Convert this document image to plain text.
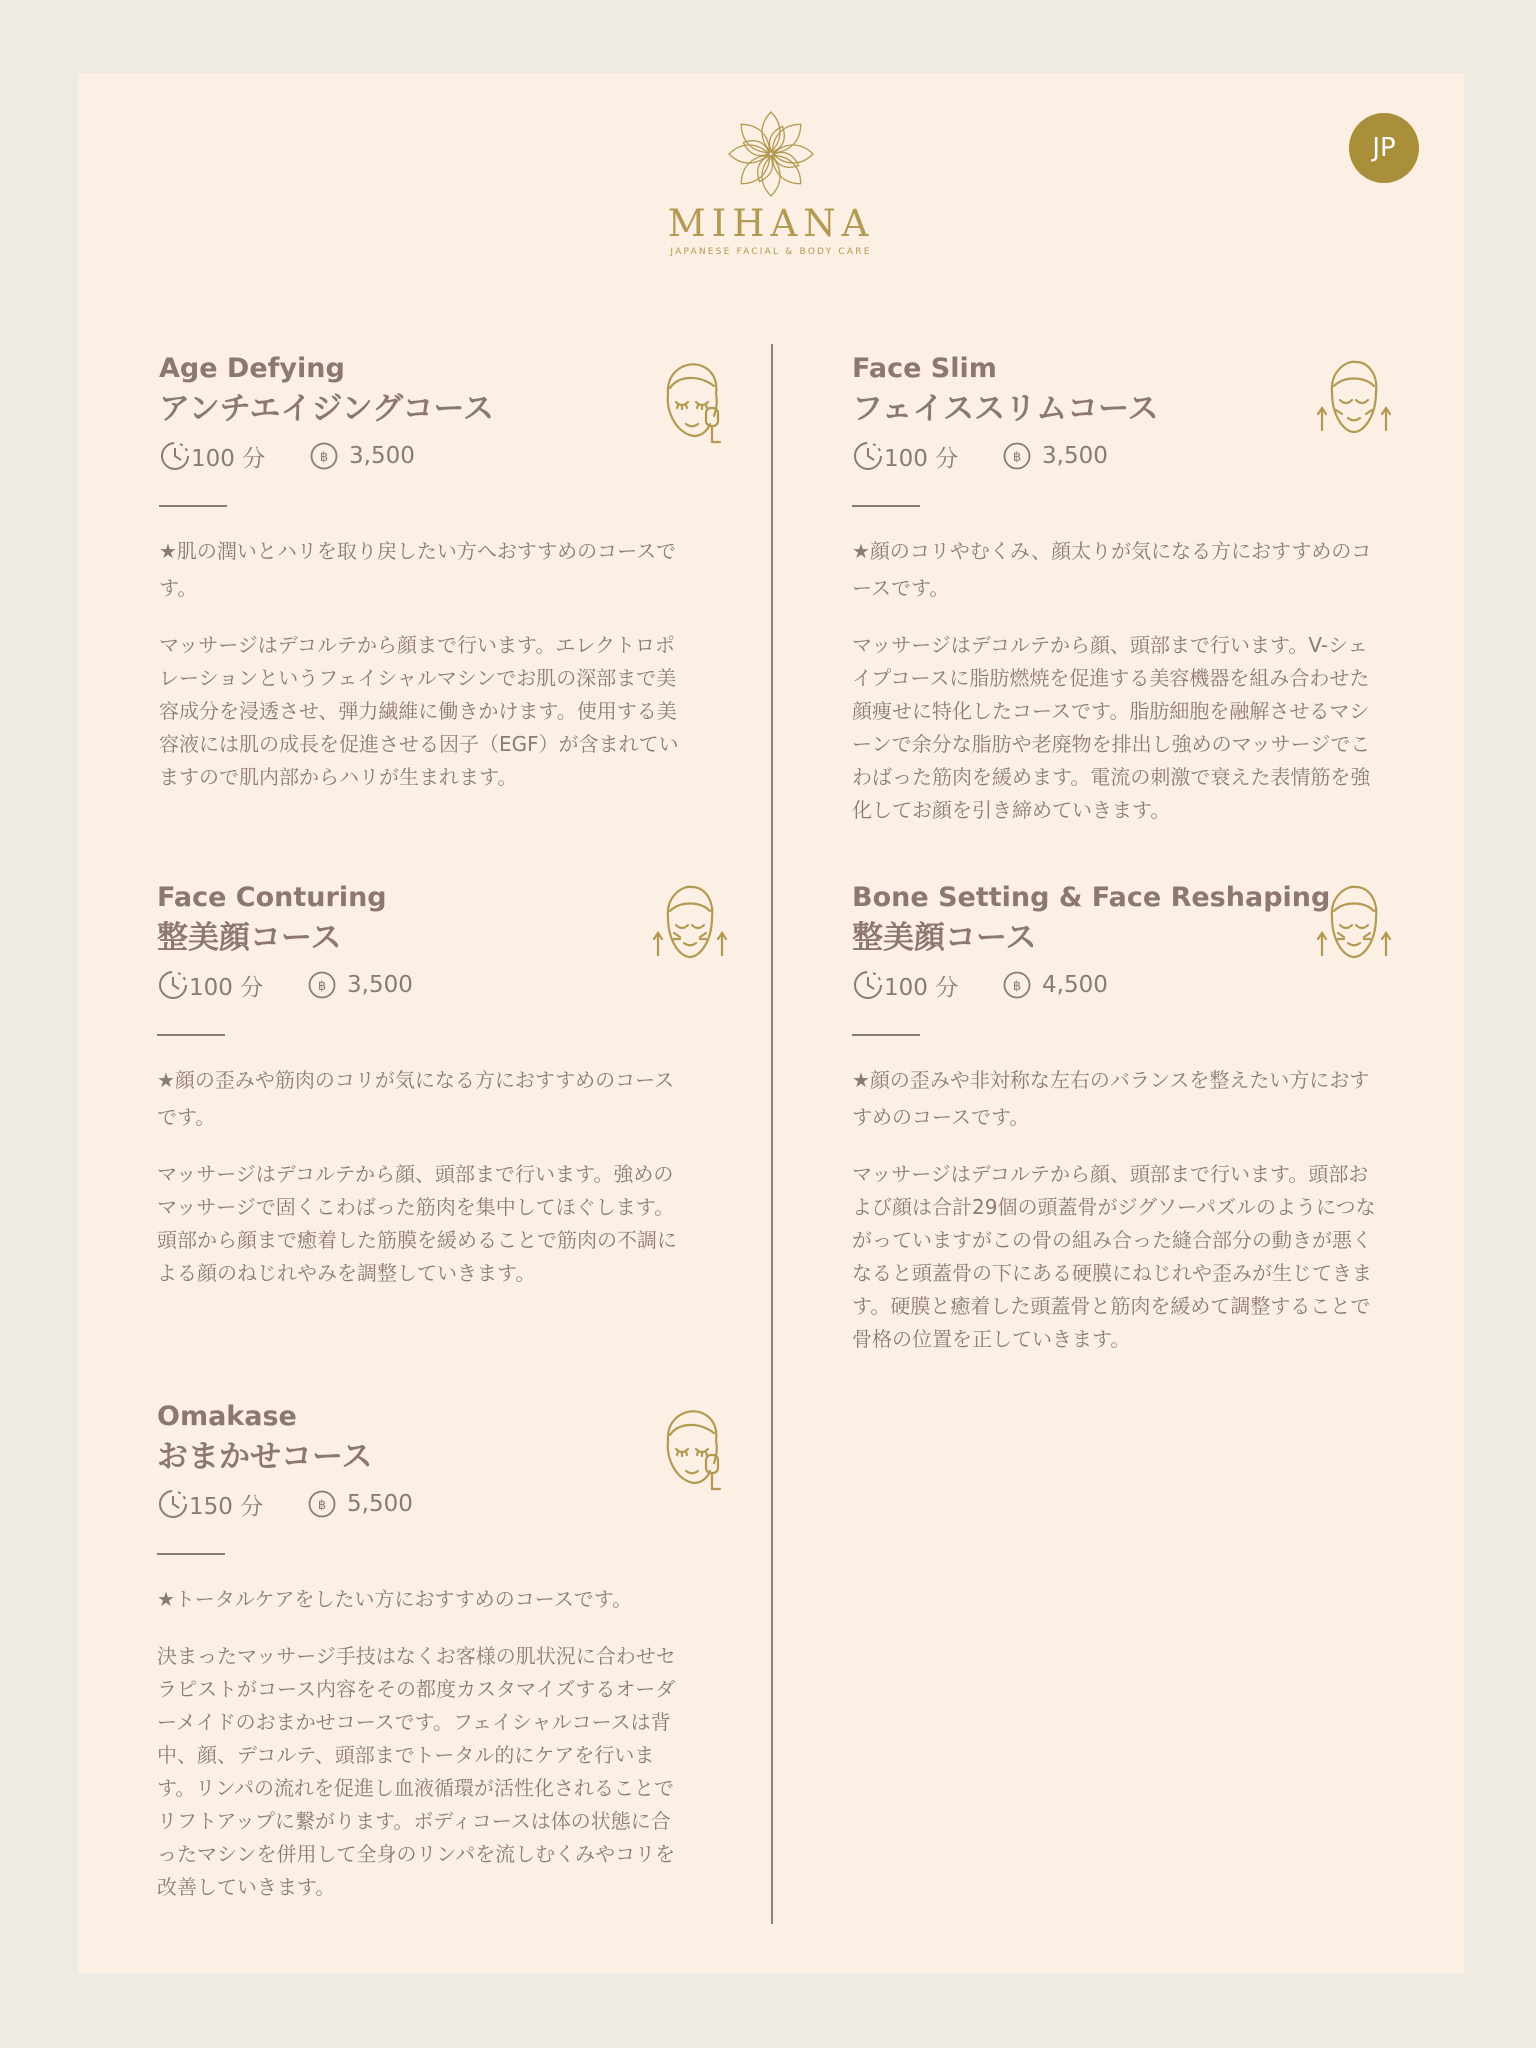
MIHANA
JAPANESE FACIAL & BODY CARE
JP
Age Defying
アンチエイジングコース
100 分	฿ 3,500
★肌の潤いとハリを取り戻したい方へおすすめのコースです。
マッサージはデコルテから顔まで行います。エレクトロポレーションというフェイシャルマシンでお肌の深部まで美容成分を浸透させ、弾力繊維に働きかけます。使用する美容液には肌の成長を促進させる因子（EGF）が含まれていますので肌内部からハリが生まれます。
Face Slim
フェイススリムコース
100 分	฿ 3,500
★顔のコリやむくみ、顔太りが気になる方におすすめのコースです。
マッサージはデコルテから顔、頭部まで行います。V-シェイプコースに脂肪燃焼を促進する美容機器を組み合わせた顔痩せに特化したコースです。脂肪細胞を融解させるマシーンで余分な脂肪や老廃物を排出し強めのマッサージでこわばった筋肉を緩めます。電流の刺激で衰えた表情筋を強化してお顔を引き締めていきます。
Face Conturing
整美顔コース
100 分	฿ 3,500
★顔の歪みや筋肉のコリが気になる方におすすめのコースです。
マッサージはデコルテから顔、頭部まで行います。強めのマッサージで固くこわばった筋肉を集中してほぐします。頭部から顔まで癒着した筋膜を緩めることで筋肉の不調による顔のねじれやみを調整していきます。
Bone Setting & Face Reshaping
整美顔コース
100 分	฿ 4,500
★顔の歪みや非対称な左右のバランスを整えたい方におすすめのコースです。
マッサージはデコルテから顔、頭部まで行います。頭部および顔は合計29個の頭蓋骨がジグソーパズルのようにつながっていますがこの骨の組み合った縫合部分の動きが悪くなると頭蓋骨の下にある硬膜にねじれや歪みが生じてきます。硬膜と癒着した頭蓋骨と筋肉を緩めて調整することで骨格の位置を正していきます。
Omakase
おまかせコース
150 分	฿ 5,500
★トータルケアをしたい方におすすめのコースです。
決まったマッサージ手技はなくお客様の肌状況に合わせセラピストがコース内容をその都度カスタマイズするオーダーメイドのおまかせコースです。フェイシャルコースは背中、顔、デコルテ、頭部までトータル的にケアを行います。リンパの流れを促進し血液循環が活性化されることでリフトアップに繋がります。ボディコースは体の状態に合ったマシンを併用して全身のリンパを流しむくみやコリを改善していきます。
